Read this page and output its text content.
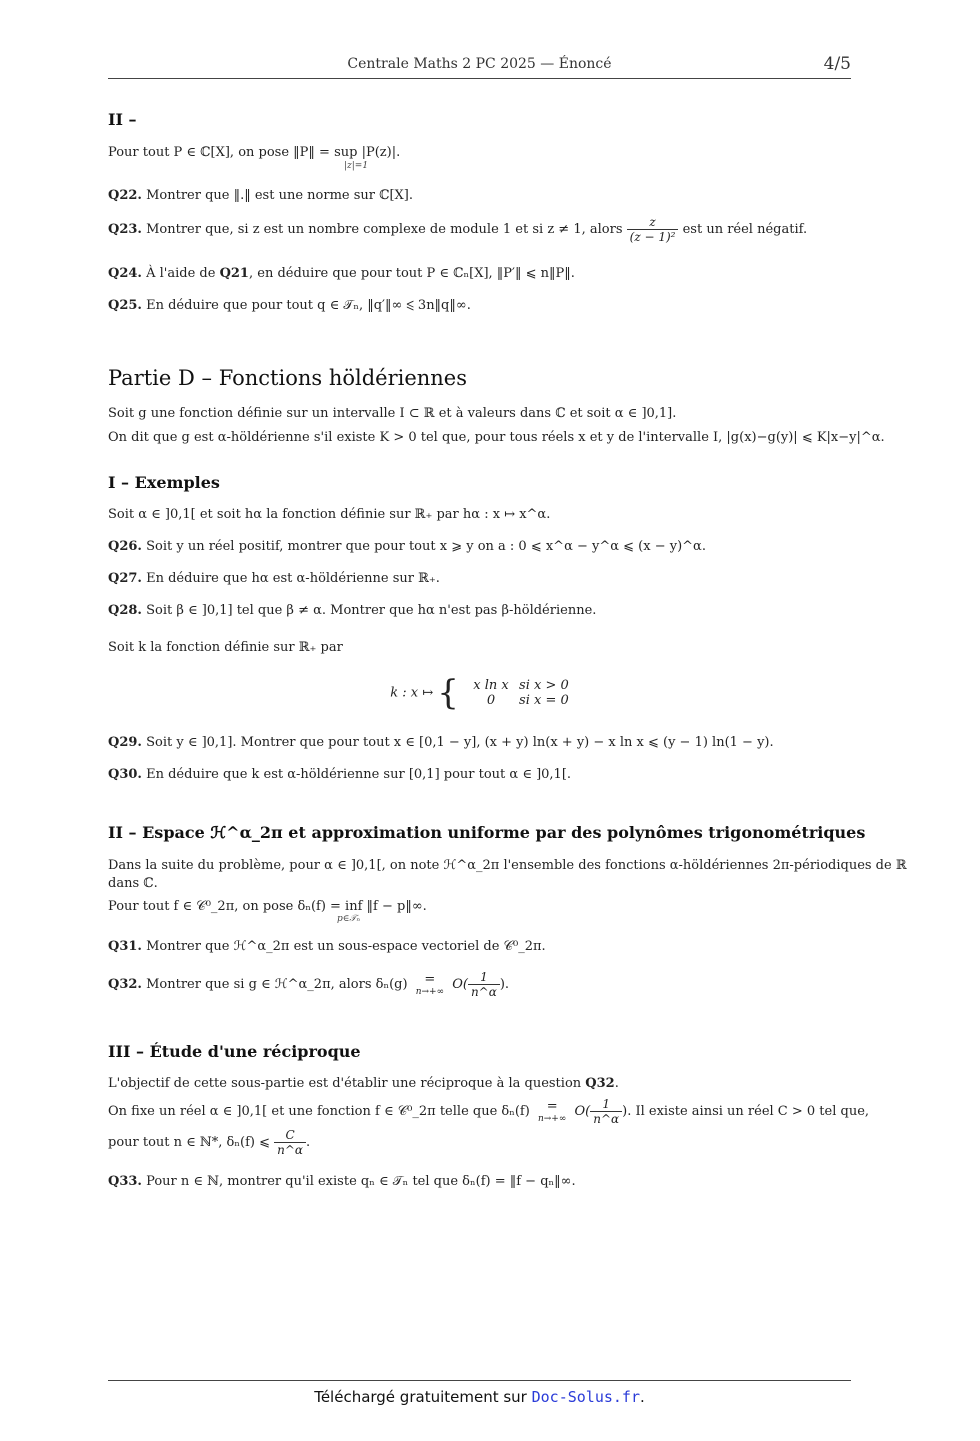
Centrale Maths 2 PC 2025 — Énoncé	4/5
II –
Pour tout P ∈ ℂ[X], on pose ‖P‖ = sup |P(z)|.
|z|=1
Q22. Montrer que ‖.‖ est une norme sur ℂ[X].
Q23. Montrer que, si z est un nombre complexe de module 1 et si z ≠ 1, alors $\frac{z}{\text{(z − 1)²}}$ est un réel négatif.
Q24. À l'aide de Q21, en déduire que pour tout P ∈ ℂₙ[X], ‖P′‖ ⩽ n‖P‖.
Q25. En déduire que pour tout q ∈ 𝒯ₙ, ‖q′‖∞ ⩽ 3n‖q‖∞.
Partie D – Fonctions höldériennes
Soit g une fonction définie sur un intervalle I ⊂ ℝ et à valeurs dans ℂ et soit α ∈ ]0,1].
On dit que g est α-höldérienne s'il existe K > 0 tel que, pour tous réels x et y de l'intervalle I, |g(x)−g(y)| ⩽ K|x−y|^α.
I – Exemples
Soit α ∈ ]0,1[ et soit hα la fonction définie sur ℝ₊ par hα : x ↦ x^α.
Q26. Soit y un réel positif, montrer que pour tout x ⩾ y on a : 0 ⩽ x^α − y^α ⩽ (x − y)^α.
Q27. En déduire que hα est α-höldérienne sur ℝ₊.
Q28. Soit β ∈ ]0,1] tel que β ≠ α. Montrer que hα n'est pas β-höldérienne.
Soit k la fonction définie sur ℝ₊ par
k : x ↦ {	x ln x si x > 0
0 si x = 0
Q29. Soit y ∈ ]0,1]. Montrer que pour tout x ∈ [0,1 − y], (x + y) ln(x + y) − x ln x ⩽ (y − 1) ln(1 − y).
Q30. En déduire que k est α-höldérienne sur [0,1] pour tout α ∈ ]0,1[.
II – Espace ℋ^α_2π et approximation uniforme par des polynômes trigonométriques
Dans la suite du problème, pour α ∈ ]0,1[, on note ℋ^α_2π l'ensemble des fonctions α-höldériennes 2π-périodiques de ℝ
dans ℂ.
Pour tout f ∈ 𝒞⁰_2π, on pose δₙ(f) = inf ‖f − p‖∞.
p∈𝒯ₙ
Q31. Montrer que ℋ^α_2π est un sous-espace vectoriel de 𝒞⁰_2π.
Q32. Montrer que si g ∈ ℋ^α_2π, alors δₙ(g)	=
n→+∞ $O( \frac{1}{n\^{}\alpha}$ ).
III – Étude d'une réciproque
L'objectif de cette sous-partie est d'établir une réciproque à la question Q32.
On fixe un réel α ∈ ]0,1[ et une fonction f ∈ 𝒞⁰_2π telle que δₙ(f)	=
n→+∞ $O( \frac{1}{n\^{}\alpha}$ ). Il existe ainsi un réel C > 0 tel que,
pour tout n ∈ ℕ*, δₙ(f) ⩽ $\frac{C}{n\^{}\alpha}$ .
Q33. Pour n ∈ ℕ, montrer qu'il existe qₙ ∈ 𝒯ₙ tel que δₙ(f) = ‖f − qₙ‖∞.
Téléchargé gratuitement sur Doc-Solus.fr.
